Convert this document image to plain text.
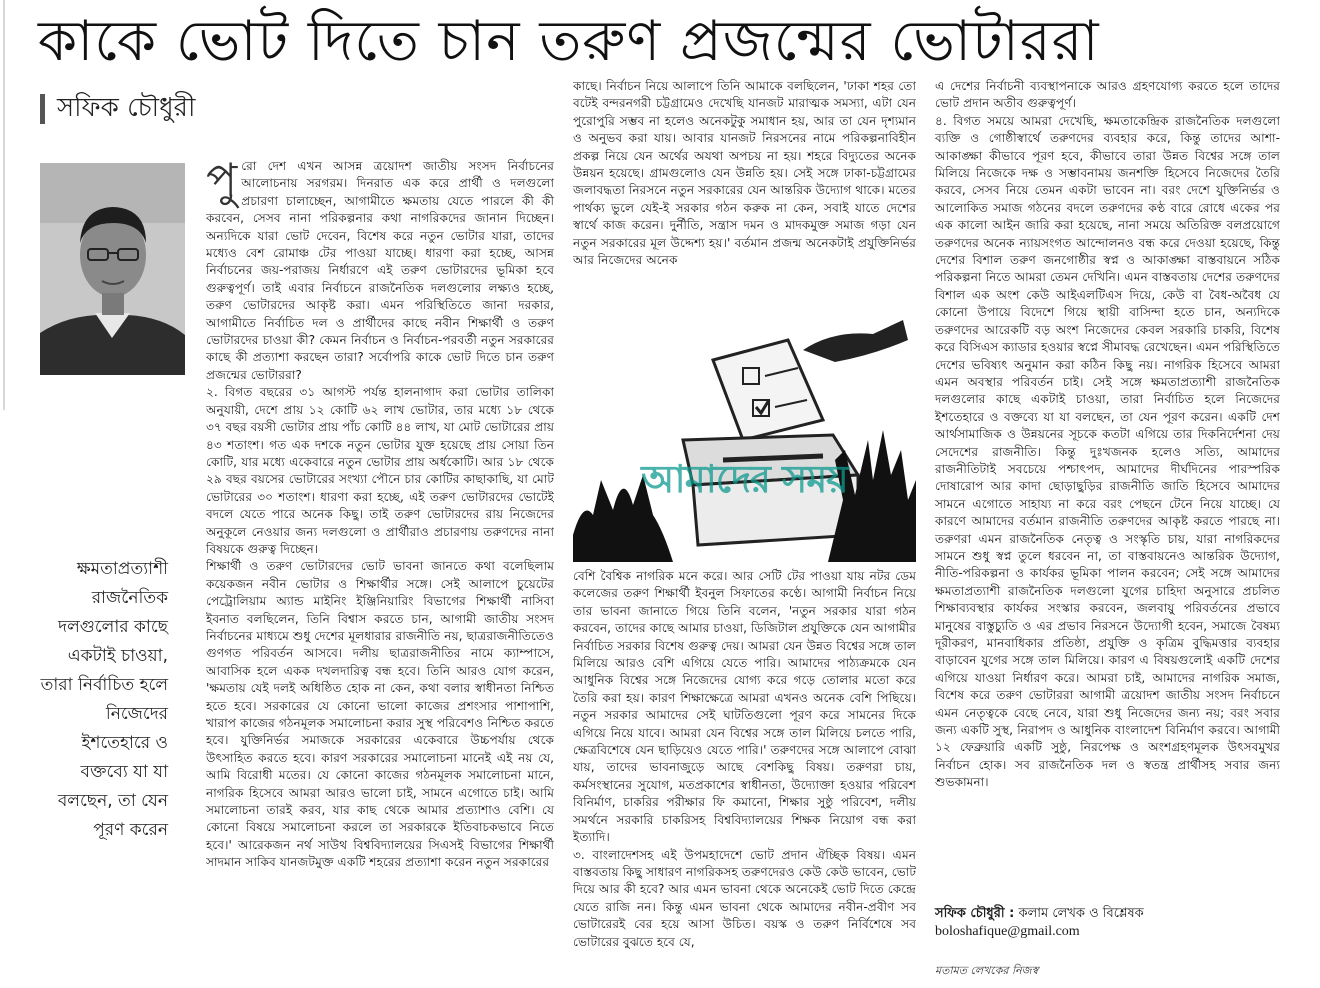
কাকে ভোট দিতে চান তরুণ প্রজন্মের ভোটাররা
সফিক চৌধুরী
ক্ষমতাপ্রত্যাশী রাজনৈতিক দলগুলোর কাছে একটাই চাওয়া, তারা নির্বাচিত হলে নিজেদের ইশতেহারে ও বক্তব্যে যা যা বলছেন, তা যেন পূরণ করেন
পু রো দেশ এখন আসন্ন ত্রয়োদশ জাতীয় সংসদ নির্বাচনের আলোচনায় সরগরম। দিনরাত এক করে প্রার্থী ও দলগুলো প্রচারণা চালাচ্ছেন, আগামীতে ক্ষমতায় যেতে পারলে কী কী করবেন, সেসব নানা পরিকল্পনার কথা নাগরিকদের জানান দিচ্ছেন। অন্যদিকে যারা ভোট দেবেন, বিশেষ করে নতুন ভোটার যারা, তাদের মধ্যেও বেশ রোমাঞ্চ টের পাওয়া যাচ্ছে। ধারণা করা হচ্ছে, আসন্ন নির্বাচনের জয়-পরাজয় নির্ধারণে এই তরুণ ভোটারদের ভূমিকা হবে গুরুত্বপূর্ণ। তাই এবার নির্বাচনে রাজনৈতিক দলগুলোর লক্ষ্যও হচ্ছে, তরুণ ভোটারদের আকৃষ্ট করা। এমন পরিস্থিতিতে জানা দরকার, আগামীতে নির্বাচিত দল ও প্রার্থীদের কাছে নবীন শিক্ষার্থী ও তরুণ ভোটারদের চাওয়া কী? কেমন নির্বাচন ও নির্বাচন-পরবর্তী নতুন সরকারের কাছে কী প্রত্যাশা করছেন তারা? সর্বোপরি কাকে ভোট দিতে চান তরুণ প্রজন্মের ভোটাররা?

২. বিগত বছরের ৩১ আগস্ট পর্যন্ত হালনাগাদ করা ভোটার তালিকা অনুযায়ী, দেশে প্রায় ১২ কোটি ৬২ লাখ ভোটার, তার মধ্যে ১৮ থেকে ৩৭ বছর বয়সী ভোটার প্রায় পাঁচ কোটি ৪৪ লাখ, যা মোট ভোটারের প্রায় ৪৩ শতাংশ। গত এক দশকে নতুন ভোটার যুক্ত হয়েছে প্রায় সোয়া তিন কোটি, যার মধ্যে একেবারে নতুন ভোটার প্রায় অর্ধকোটি। আর ১৮ থেকে ২৯ বছর বয়সের ভোটারের সংখ্যা পৌনে চার কোটির কাছাকাছি, যা মোট ভোটারের ৩০ শতাংশ। ধারণা করা হচ্ছে, এই তরুণ ভোটারদের ভোটেই বদলে যেতে পারে অনেক কিছু। তাই তরুণ ভোটারদের রায় নিজেদের অনুকূলে নেওয়ার জন্য দলগুলো ও প্রার্থীরাও প্রচারণায় তরুণদের নানা বিষয়কে গুরুত্ব দিচ্ছেন।

শিক্ষার্থী ও তরুণ ভোটারদের ভোট ভাবনা জানতে কথা বলেছিলাম কয়েকজন নবীন ভোটার ও শিক্ষার্থীর সঙ্গে। সেই আলাপে চুয়েটের পেট্রোলিয়াম অ্যান্ড মাইনিং ইঞ্জিনিয়ারিং বিভাগের শিক্ষার্থী নাসিবা ইবনাত বলছিলেন, তিনি বিশ্বাস করতে চান, আগামী জাতীয় সংসদ নির্বাচনের মাধ্যমে শুধু দেশের মূলধারার রাজনীতি নয়, ছাত্ররাজনীতিতেও গুণগত পরিবর্তন আসবে। দলীয় ছাত্ররাজনীতির নামে ক্যাম্পাসে, আবাসিক হলে একক দখলদারিত্ব বন্ধ হবে। তিনি আরও যোগ করেন, 'ক্ষমতায় যেই দলই অধিষ্ঠিত হোক না কেন, কথা বলার স্বাধীনতা নিশ্চিত হতে হবে। সরকারের যে কোনো ভালো কাজের প্রশংসার পাশাপাশি, খারাপ কাজের গঠনমূলক সমালোচনা করার সুস্থ পরিবেশও নিশ্চিত করতে হবে। যুক্তিনির্ভর সমাজকে সরকারের একেবারে উচ্চপর্যায় থেকে উৎসাহিত করতে হবে। কারণ সরকারের সমালোচনা মানেই এই নয় যে, আমি বিরোধী মতের। যে কোনো কাজের গঠনমূলক সমালোচনা মানে, নাগরিক হিসেবে আমরা আরও ভালো চাই, সামনে এগোতে চাই। আমি সমালোচনা তারই করব, যার কাছ থেকে আমার প্রত্যাশাও বেশি। যে কোনো বিষয়ে সমালোচনা করলে তা সরকারকে ইতিবাচকভাবে নিতে হবে।' আরেকজন নর্থ সাউথ বিশ্ববিদ্যালয়ের সিএসই বিভাগের শিক্ষার্থী সাদমান সাকিব যানজটমুক্ত একটি শহরের প্রত্যাশা করেন নতুন সরকারের

কাছে। নির্বাচন নিয়ে আলাপে তিনি আমাকে বলছিলেন, 'ঢাকা শহর তো বটেই বন্দরনগরী চট্টগ্রামেও দেখেছি যানজট মারাত্মক সমস্যা, এটা যেন পুরোপুরি সম্ভব না হলেও অনেকটুকু সমাধান হয়, আর তা যেন দৃশ্যমান ও অনুভব করা যায়। আবার যানজট নিরসনের নামে পরিকল্পনাবিহীন প্রকল্প নিয়ে যেন অর্থের অযথা অপচয় না হয়। শহরে বিদ্যুতের অনেক উন্নয়ন হয়েছে। গ্রামগুলোও যেন উন্নতি হয়। সেই সঙ্গে ঢাকা-চট্টগ্রামের জলাবদ্ধতা নিরসনে নতুন সরকারের যেন আন্তরিক উদ্যোগ থাকে। মতের পার্থক্য ভুলে যেই-ই সরকার গঠন করুক না কেন, সবাই যাতে দেশের স্বার্থে কাজ করেন। দুর্নীতি, সন্ত্রাস দমন ও মাদকমুক্ত সমাজ গড়া যেন নতুন সরকারের মূল উদ্দেশ্য হয়।' বর্তমান প্রজন্ম অনেকটাই প্রযুক্তিনির্ভর আর নিজেদের অনেক

আমাদের সময়

বেশি বৈশ্বিক নাগরিক মনে করে। আর সেটি টের পাওয়া যায় নটর ডেম কলেজের তরুণ শিক্ষার্থী ইবনুল সিফাতের কণ্ঠে। আগামী নির্বাচন নিয়ে তার ভাবনা জানাতে গিয়ে তিনি বলেন, 'নতুন সরকার যারা গঠন করবেন, তাদের কাছে আমার চাওয়া, ডিজিটাল প্রযুক্তিকে যেন আগামীর নির্বাচিত সরকার বিশেষ গুরুত্ব দেয়। আমরা যেন উন্নত বিশ্বের সঙ্গে তাল মিলিয়ে আরও বেশি এগিয়ে যেতে পারি। আমাদের পাঠ্যক্রমকে যেন আধুনিক বিশ্বের সঙ্গে নিজেদের যোগ্য করে গড়ে তোলার মতো করে তৈরি করা হয়। কারণ শিক্ষাক্ষেত্রে আমরা এখনও অনেক বেশি পিছিয়ে। নতুন সরকার আমাদের সেই ঘাটতিগুলো পূরণ করে সামনের দিকে এগিয়ে নিয়ে যাবে। আমরা যেন বিশ্বের সঙ্গে তাল মিলিয়ে চলতে পারি, ক্ষেত্রবিশেষে যেন ছাড়িয়েও যেতে পারি।' তরুণদের সঙ্গে আলাপে বোঝা যায়, তাদের ভাবনাজুড়ে আছে বেশকিছু বিষয়। তরুণরা চায়, কর্মসংস্থানের সুযোগ, মতপ্রকাশের স্বাধীনতা, উদ্যোক্তা হওয়ার পরিবেশ বিনির্মাণ, চাকরির পরীক্ষার ফি কমানো, শিক্ষার সুষ্ঠু পরিবেশ, দলীয় সমর্থনে সরকারি চাকরিসহ বিশ্ববিদ্যালয়ের শিক্ষক নিয়োগ বন্ধ করা ইত্যাদি।

৩. বাংলাদেশসহ এই উপমহাদেশে ভোট প্রদান ঐচ্ছিক বিষয়। এমন বাস্তবতায় কিছু সাধারণ নাগরিকসহ তরুণদেরও কেউ কেউ ভাবেন, ভোট দিয়ে আর কী হবে? আর এমন ভাবনা থেকে অনেকেই ভোট দিতে কেন্দ্রে যেতে রাজি নন। কিন্তু এমন ভাবনা থেকে আমাদের নবীন-প্রবীণ সব ভোটারেরই বের হয়ে আসা উচিত। বয়স্ক ও তরুণ নির্বিশেষে সব ভোটারের বুঝতে হবে যে,

এ দেশের নির্বাচনী ব্যবস্থাপনাকে আরও গ্রহণযোগ্য করতে হলে তাদের ভোট প্রদান অতীব গুরুত্বপূর্ণ।

৪. বিগত সময়ে আমরা দেখেছি, ক্ষমতাকেন্দ্রিক রাজনৈতিক দলগুলো ব্যক্তি ও গোষ্ঠীস্বার্থে তরুণদের ব্যবহার করে, কিন্তু তাদের আশা-আকাঙ্ক্ষা কীভাবে পূরণ হবে, কীভাবে তারা উন্নত বিশ্বের সঙ্গে তাল মিলিয়ে নিজেকে দক্ষ ও সম্ভাবনাময় জনশক্তি হিসেবে নিজেদের তৈরি করবে, সেসব নিয়ে তেমন একটা ভাবেন না। বরং দেশে যুক্তিনির্ভর ও আলোকিত সমাজ গঠনের বদলে তরুণদের কণ্ঠ বারে রোধে একের পর এক কালো আইন জারি করা হয়েছে, নানা সময়ে অতিরিক্ত বলপ্রয়োগে তরুণদের অনেক ন্যায়সংগত আন্দোলনও বন্ধ করে দেওয়া হয়েছে, কিন্তু দেশের বিশাল তরুণ জনগোষ্ঠীর স্বপ্ন ও আকাঙ্ক্ষা বাস্তবায়নে সঠিক পরিকল্পনা নিতে আমরা তেমন দেখিনি। এমন বাস্তবতায় দেশের তরুণদের বিশাল এক অংশ কেউ আইএলটিএস দিয়ে, কেউ বা বৈধ-অবৈধ যে কোনো উপায়ে বিদেশে গিয়ে স্থায়ী বাসিন্দা হতে চান, অন্যদিকে তরুণদের আরেকটি বড় অংশ নিজেদের কেবল সরকারি চাকরি, বিশেষ করে বিসিএস ক্যাডার হওয়ার স্বপ্নে সীমাবদ্ধ রেখেছেন। এমন পরিস্থিতিতে দেশের ভবিষ্যৎ অনুমান করা কঠিন কিছু নয়। নাগরিক হিসেবে আমরা এমন অবস্থার পরিবর্তন চাই। সেই সঙ্গে ক্ষমতাপ্রত্যাশী রাজনৈতিক দলগুলোর কাছে একটাই চাওয়া, তারা নির্বাচিত হলে নিজেদের ইশতেহারে ও বক্তব্যে যা যা বলছেন, তা যেন পূরণ করেন। একটি দেশ আর্থসামাজিক ও উন্নয়নের সূচকে কতটা এগিয়ে তার দিকনির্দেশনা দেয় সেদেশের রাজনীতি। কিন্তু দুঃখজনক হলেও সত্যি, আমাদের রাজনীতিটাই সবচেয়ে পশ্চাৎপদ, আমাদের দীর্ঘদিনের পারস্পরিক দোষারোপ আর কাদা ছোড়াছুড়ির রাজনীতি জাতি হিসেবে আমাদের সামনে এগোতে সাহায্য না করে বরং পেছনে টেনে নিয়ে যাচ্ছে। যে কারণে আমাদের বর্তমান রাজনীতি তরুণদের আকৃষ্ট করতে পারছে না। তরুণরা এমন রাজনৈতিক নেতৃত্ব ও সংস্কৃতি চায়, যারা নাগরিকদের সামনে শুধু স্বপ্ন তুলে ধরবেন না, তা বাস্তবায়নেও আন্তরিক উদ্যোগ, নীতি-পরিকল্পনা ও কার্যকর ভূমিকা পালন করবেন; সেই সঙ্গে আমাদের ক্ষমতাপ্রত্যাশী রাজনৈতিক দলগুলো যুগের চাহিদা অনুসারে প্রচলিত শিক্ষাব্যবস্থার কার্যকর সংস্কার করবেন, জলবায়ু পরিবর্তনের প্রভাবে মানুষের বাস্তুচ্যুতি ও এর প্রভাব নিরসনে উদ্যোগী হবেন, সমাজে বৈষম্য দূরীকরণ, মানবাধিকার প্রতিষ্ঠা, প্রযুক্তি ও কৃত্রিম বুদ্ধিমত্তার ব্যবহার বাড়াবেন যুগের সঙ্গে তাল মিলিয়ে। কারণ এ বিষয়গুলোই একটি দেশের এগিয়ে যাওয়া নির্ধারণ করে। আমরা চাই, আমাদের নাগরিক সমাজ, বিশেষ করে তরুণ ভোটাররা আগামী ত্রয়োদশ জাতীয় সংসদ নির্বাচনে এমন নেতৃত্বকে বেছে নেবে, যারা শুধু নিজেদের জন্য নয়; বরং সবার জন্য একটি সুস্থ, নিরাপদ ও আধুনিক বাংলাদেশ বিনির্মাণ করবে। আগামী ১২ ফেব্রুয়ারি একটি সুষ্ঠু, নিরপেক্ষ ও অংশগ্রহণমূলক উৎসবমুখর নির্বাচন হোক। সব রাজনৈতিক দল ও স্বতন্ত্র প্রার্থীসহ সবার জন্য শুভকামনা।

সফিক চৌধুরী : কলাম লেখক ও বিশ্লেষক
boloshafique@gmail.com
মতামত লেখকের নিজস্ব
